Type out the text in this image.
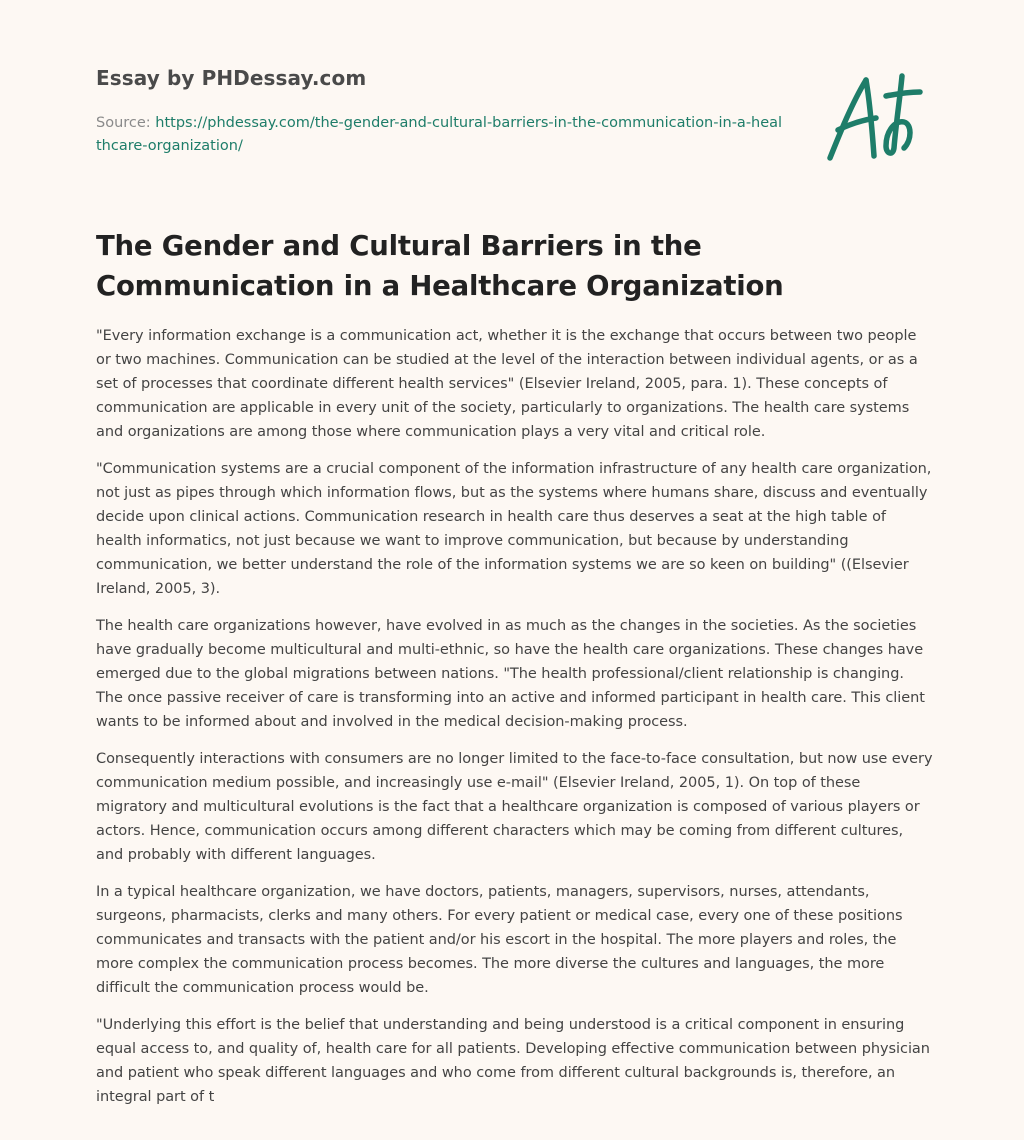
Essay by PHDessay.com
Source: https://phdessay.com/the-gender-and-cultural-barriers-in-the-communication-in-a-healthcare-organization/
The Gender and Cultural Barriers in the Communication in a Healthcare Organization

"Every information exchange is a communication act, whether it is the exchange that occurs between two people or two machines. Communication can be studied at the level of the interaction between individual agents, or as a set of processes that coordinate different health services" (Elsevier Ireland, 2005, para. 1). These concepts of communication are applicable in every unit of the society, particularly to organizations. The health care systems and organizations are among those where communication plays a very vital and critical role.

"Communication systems are a crucial component of the information infrastructure of any health care organization, not just as pipes through which information flows, but as the systems where humans share, discuss and eventually decide upon clinical actions. Communication research in health care thus deserves a seat at the high table of health informatics, not just because we want to improve communication, but because by understanding communication, we better understand the role of the information systems we are so keen on building" ((Elsevier Ireland, 2005, 3).

The health care organizations however, have evolved in as much as the changes in the societies. As the societies have gradually become multicultural and multi-ethnic, so have the health care organizations. These changes have emerged due to the global migrations between nations. "The health professional/client relationship is changing. The once passive receiver of care is transforming into an active and informed participant in health care. This client wants to be informed about and involved in the medical decision-making process.

Consequently interactions with consumers are no longer limited to the face-to-face consultation, but now use every communication medium possible, and increasingly use e-mail" (Elsevier Ireland, 2005, 1). On top of these migratory and multicultural evolutions is the fact that a healthcare organization is composed of various players or actors. Hence, communication occurs among different characters which may be coming from different cultures, and probably with different languages.

In a typical healthcare organization, we have doctors, patients, managers, supervisors, nurses, attendants, surgeons, pharmacists, clerks and many others. For every patient or medical case, every one of these positions communicates and transacts with the patient and/or his escort in the hospital. The more players and roles, the more complex the communication process becomes. The more diverse the cultures and languages, the more difficult the communication process would be.

"Underlying this effort is the belief that understanding and being understood is a critical component in ensuring equal access to, and quality of, health care for all patients. Developing effective communication between physician and patient who speak different languages and who come from different cultural backgrounds is, therefore, an integral part of t
